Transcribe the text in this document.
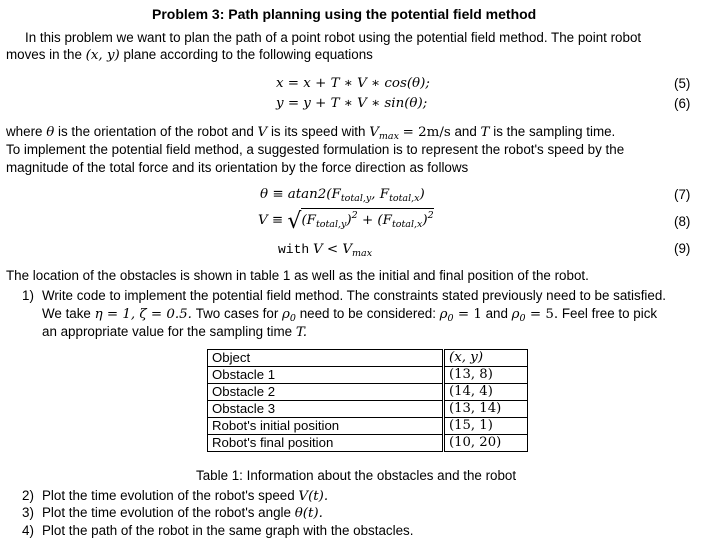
Problem 3: Path planning using the potential field method
In this problem we want to plan the path of a point robot using the potential field method. The point robot
moves in the (x, y) plane according to the following equations
x = x + T ∗ V ∗ cos(θ);	(5)
y = y + T ∗ V ∗ sin(θ);	(6)
where θ is the orientation of the robot and V is its speed with $V_{max} = 2m/s$ and T is the sampling time.
To implement the potential field method, a suggested formulation is to represent the robot's speed by the
magnitude of the total force and its orientation by the force direction as follows
$\theta \equiv atan2(F_{total,y}$, $F_{total,x}$)	(7)
$V \equiv √(F_{total,y})^2 + (F_{total,x})^2$	(8)
with $V < V_{max}$	(9)
The location of the obstacles is shown in table 1 as well as the initial and final position of the robot.
1) Write code to implement the potential field method. The constraints stated previously need to be satisfied.
We take η = 1, ζ = 0.5. Two cases for $\rho_0$ need to be considered: $\rho_0 = 1$ and $\rho_0 = 5$. Feel free to pick
an appropriate value for the sampling time T.
Object	(x, y)
Obstacle 1	(13, 8)
Obstacle 2	(14, 4)
Obstacle 3	(13, 14)
Robot's initial position	(15, 1)
Robot's final position	(10, 20)
Table 1: Information about the obstacles and the robot
2) Plot the time evolution of the robot's speed V(t).
3) Plot the time evolution of the robot's angle θ(t).
4) Plot the path of the robot in the same graph with the obstacles.
